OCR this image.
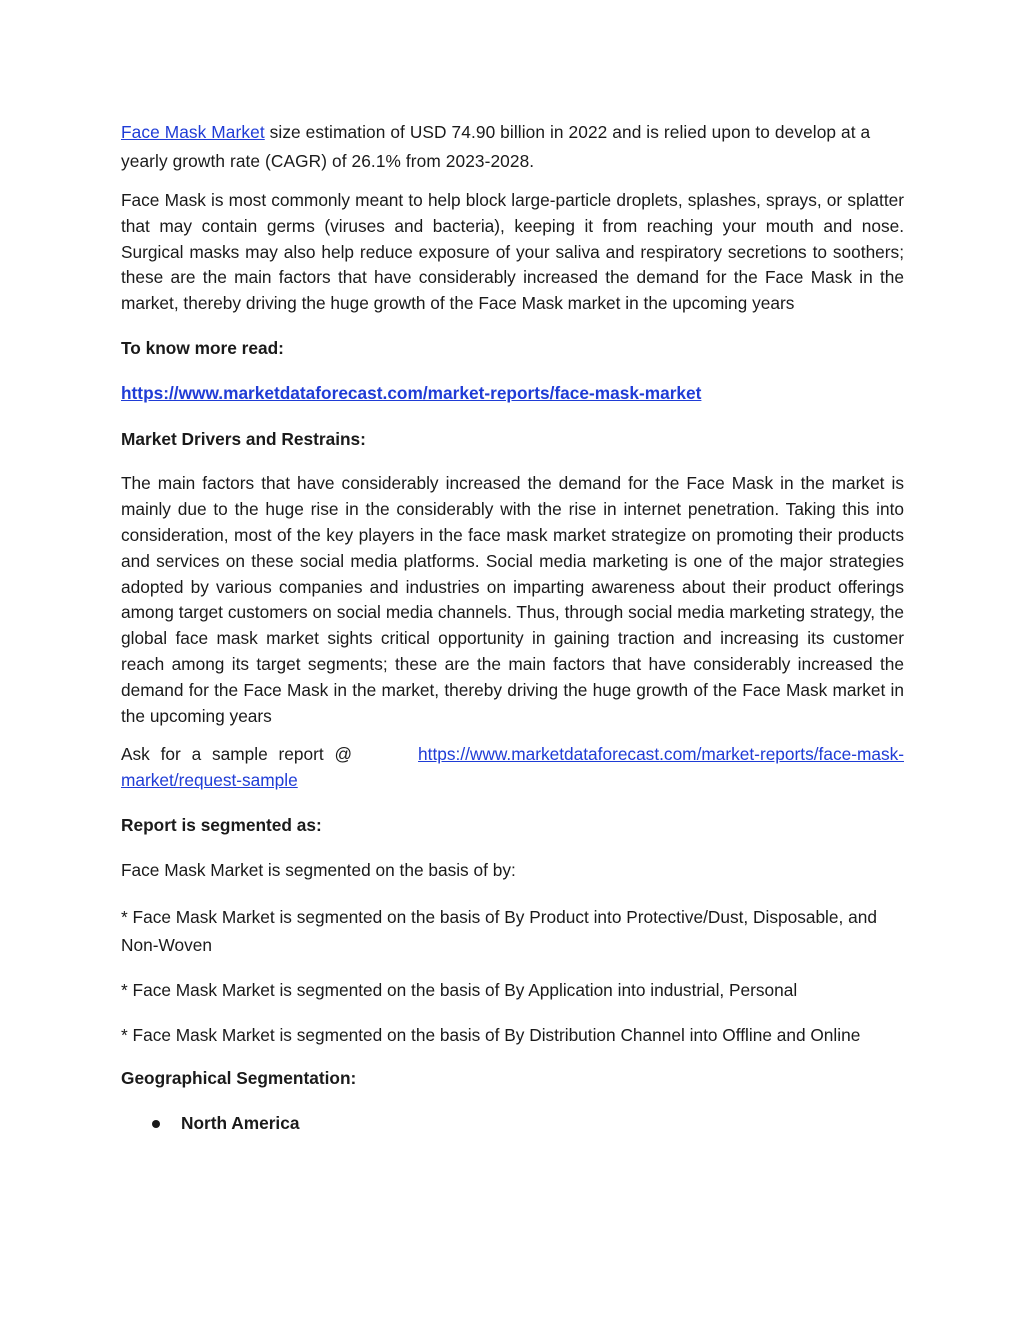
Face Mask Market size estimation of USD 74.90 billion in 2022 and is relied upon to develop at a yearly growth rate (CAGR) of 26.1% from 2023-2028.

Face Mask is most commonly meant to help block large-particle droplets, splashes, sprays, or splatter that may contain germs (viruses and bacteria), keeping it from reaching your mouth and nose. Surgical masks may also help reduce exposure of your saliva and respiratory secretions to soothers; these are the main factors that have considerably increased the demand for the Face Mask in the market, thereby driving the huge growth of the Face Mask market in the upcoming years

To know more read:

https://www.marketdataforecast.com/market-reports/face-mask-market

Market Drivers and Restrains:

The main factors that have considerably increased the demand for the Face Mask in the market is mainly due to the huge rise in the considerably with the rise in internet penetration. Taking this into consideration, most of the key players in the face mask market strategize on promoting their products and services on these social media platforms. Social media marketing is one of the major strategies adopted by various companies and industries on imparting awareness about their product offerings among target customers on social media channels. Thus, through social media marketing strategy, the global face mask market sights critical opportunity in gaining traction and increasing its customer reach among its target segments; these are the main factors that have considerably increased the demand for the Face Mask in the market, thereby driving the huge growth of the Face Mask market in the upcoming years

Ask for a sample report @	https://www.marketdataforecast.com/market-reports/face-mask-
market/request-sample

Report is segmented as:

Face Mask Market is segmented on the basis of by:

* Face Mask Market is segmented on the basis of By Product into Protective/Dust, Disposable, and Non-Woven

* Face Mask Market is segmented on the basis of By Application into industrial, Personal

* Face Mask Market is segmented on the basis of By Distribution Channel into Offline and Online

Geographical Segmentation:

North America
